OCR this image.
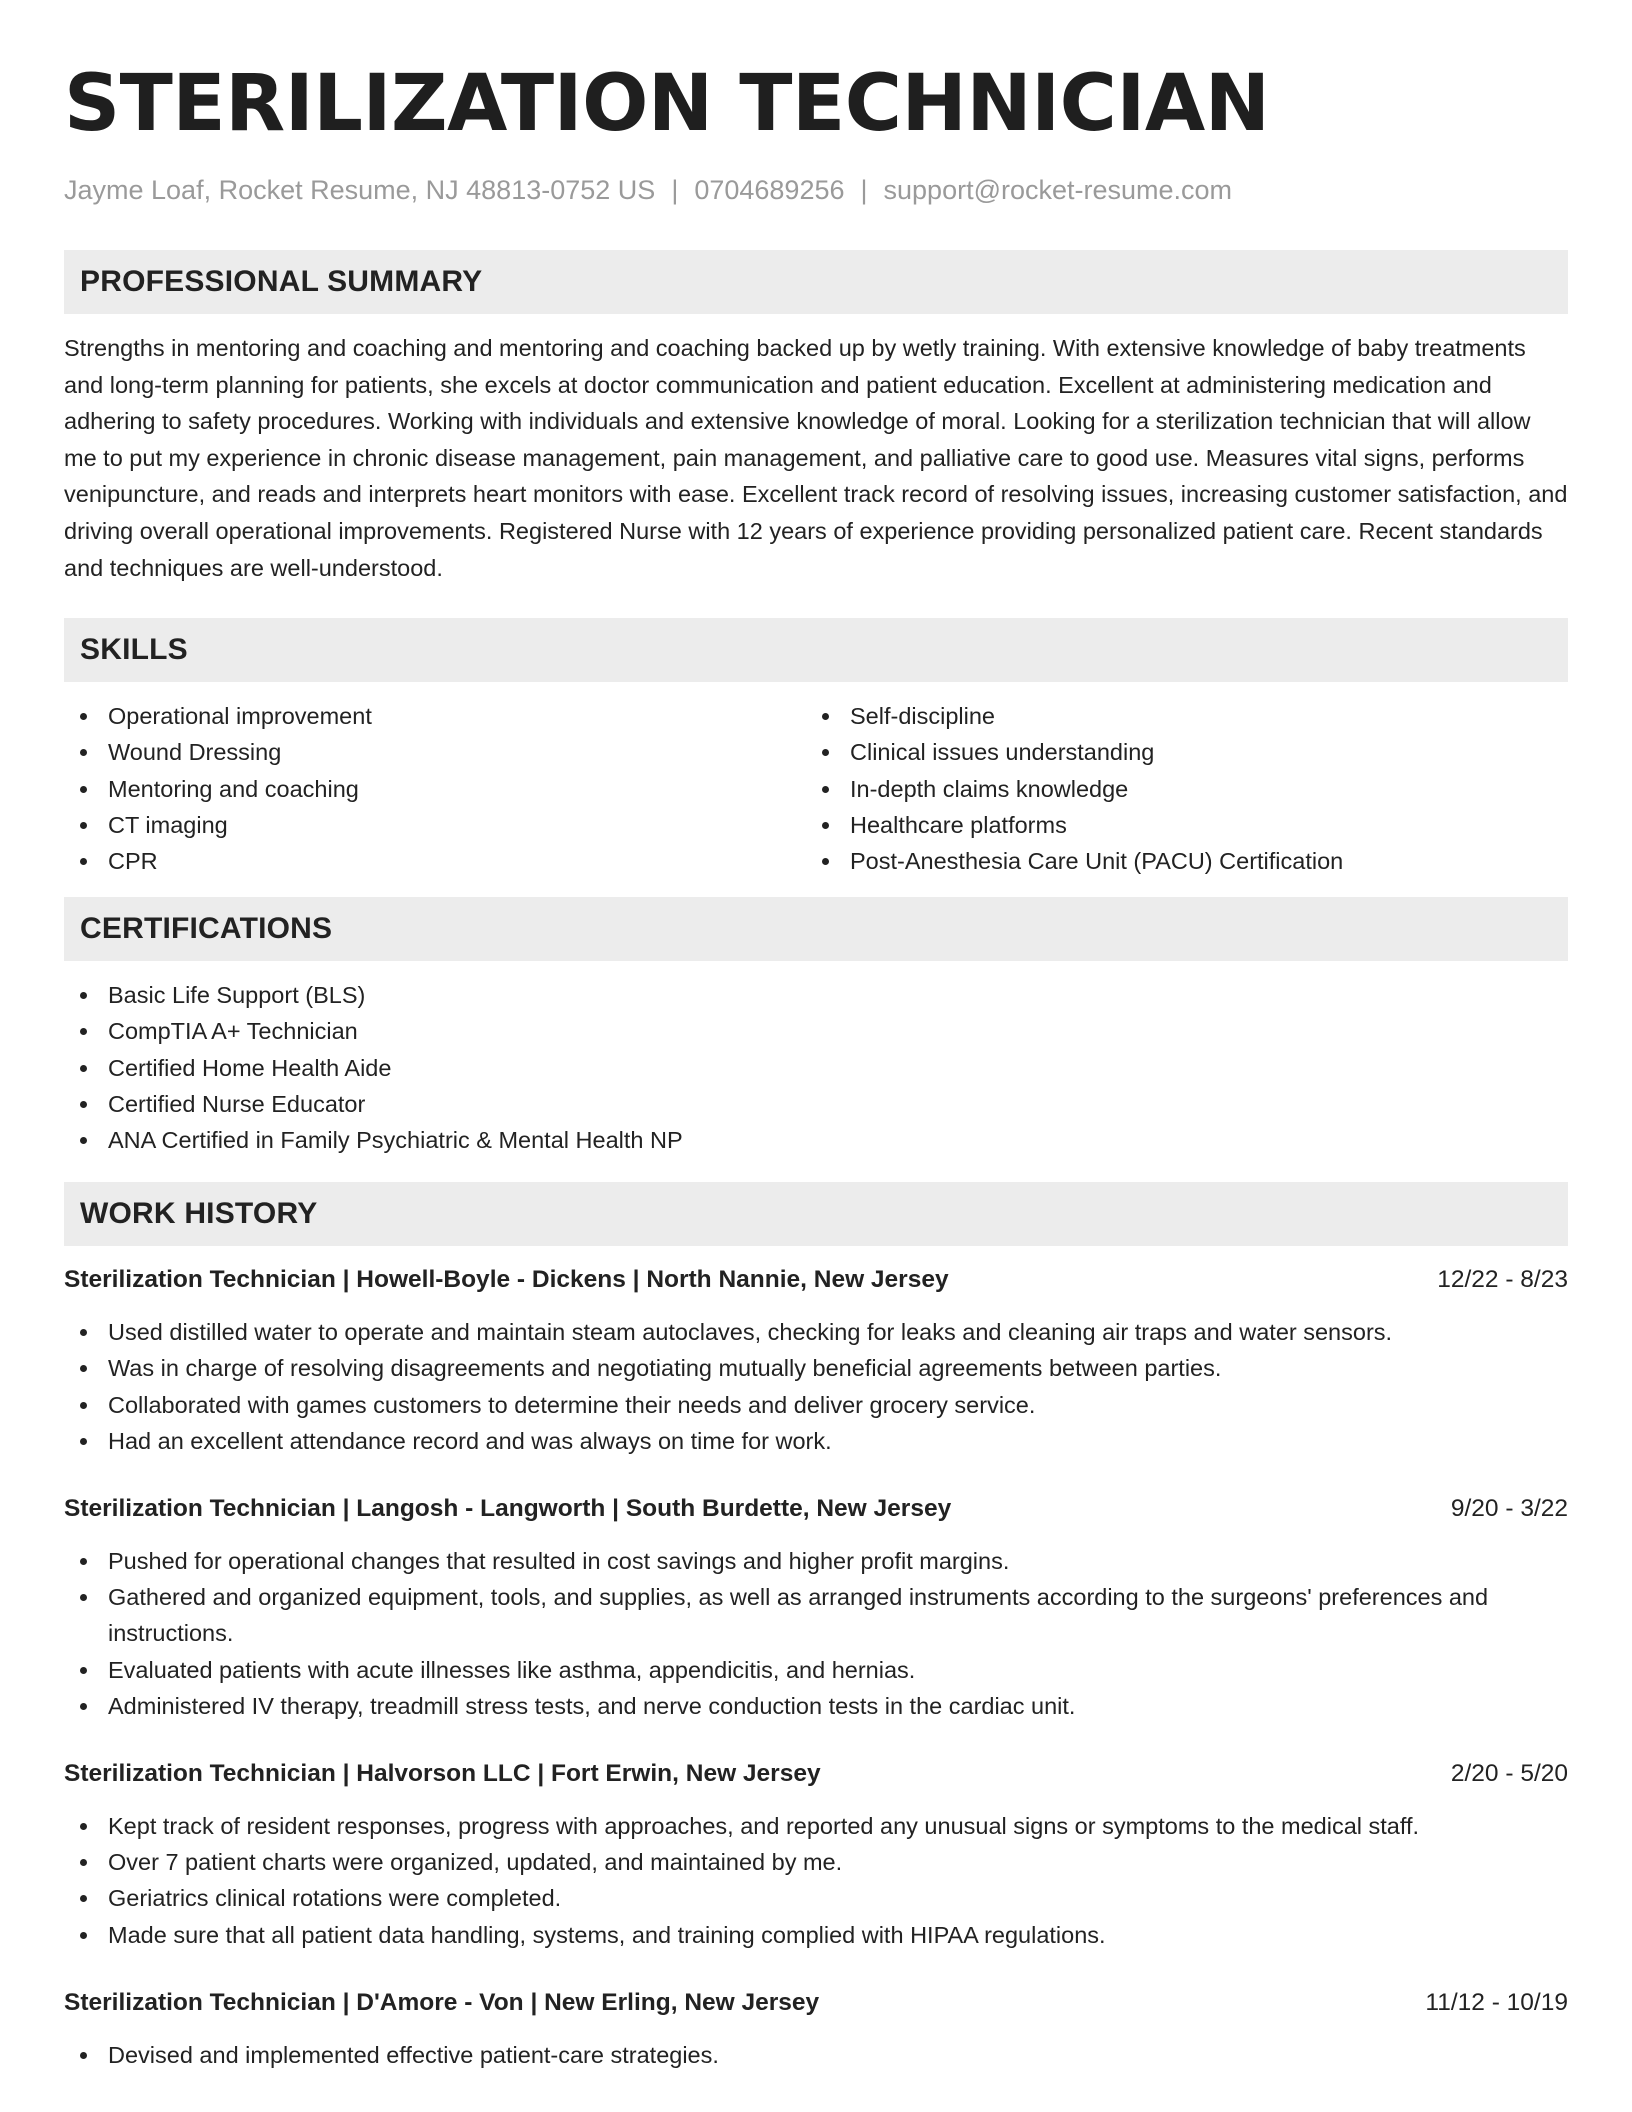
STERILIZATION TECHNICIAN
Jayme Loaf, Rocket Resume, NJ 48813-0752 US | 0704689256 | support@rocket-resume.com
PROFESSIONAL SUMMARY

Strengths in mentoring and coaching and mentoring and coaching backed up by wetly training. With extensive knowledge of baby treatments and long-term planning for patients, she excels at doctor communication and patient education. Excellent at administering medication and adhering to safety procedures. Working with individuals and extensive knowledge of moral. Looking for a sterilization technician that will allow me to put my experience in chronic disease management, pain management, and palliative care to good use. Measures vital signs, performs venipuncture, and reads and interprets heart monitors with ease. Excellent track record of resolving issues, increasing customer satisfaction, and driving overall operational improvements. Registered Nurse with 12 years of experience providing personalized patient care. Recent standards and techniques are well-understood.

SKILLS
Operational improvement
Wound Dressing
Mentoring and coaching
CT imaging
CPR
Self-discipline
Clinical issues understanding
In-depth claims knowledge
Healthcare platforms
Post-Anesthesia Care Unit (PACU) Certification
CERTIFICATIONS
Basic Life Support (BLS)
CompTIA A+ Technician
Certified Home Health Aide
Certified Nurse Educator
ANA Certified in Family Psychiatric & Mental Health NP
WORK HISTORY
Sterilization Technician | Howell-Boyle - Dickens | North Nannie, New Jersey	12/22 - 8/23
Used distilled water to operate and maintain steam autoclaves, checking for leaks and cleaning air traps and water sensors.
Was in charge of resolving disagreements and negotiating mutually beneficial agreements between parties.
Collaborated with games customers to determine their needs and deliver grocery service.
Had an excellent attendance record and was always on time for work.
Sterilization Technician | Langosh - Langworth | South Burdette, New Jersey	9/20 - 3/22
Pushed for operational changes that resulted in cost savings and higher profit margins.
Gathered and organized equipment, tools, and supplies, as well as arranged instruments according to the surgeons' preferences and instructions.
Evaluated patients with acute illnesses like asthma, appendicitis, and hernias.
Administered IV therapy, treadmill stress tests, and nerve conduction tests in the cardiac unit.
Sterilization Technician | Halvorson LLC | Fort Erwin, New Jersey	2/20 - 5/20
Kept track of resident responses, progress with approaches, and reported any unusual signs or symptoms to the medical staff.
Over 7 patient charts were organized, updated, and maintained by me.
Geriatrics clinical rotations were completed.
Made sure that all patient data handling, systems, and training complied with HIPAA regulations.
Sterilization Technician | D'Amore - Von | New Erling, New Jersey	11/12 - 10/19
Devised and implemented effective patient-care strategies.
